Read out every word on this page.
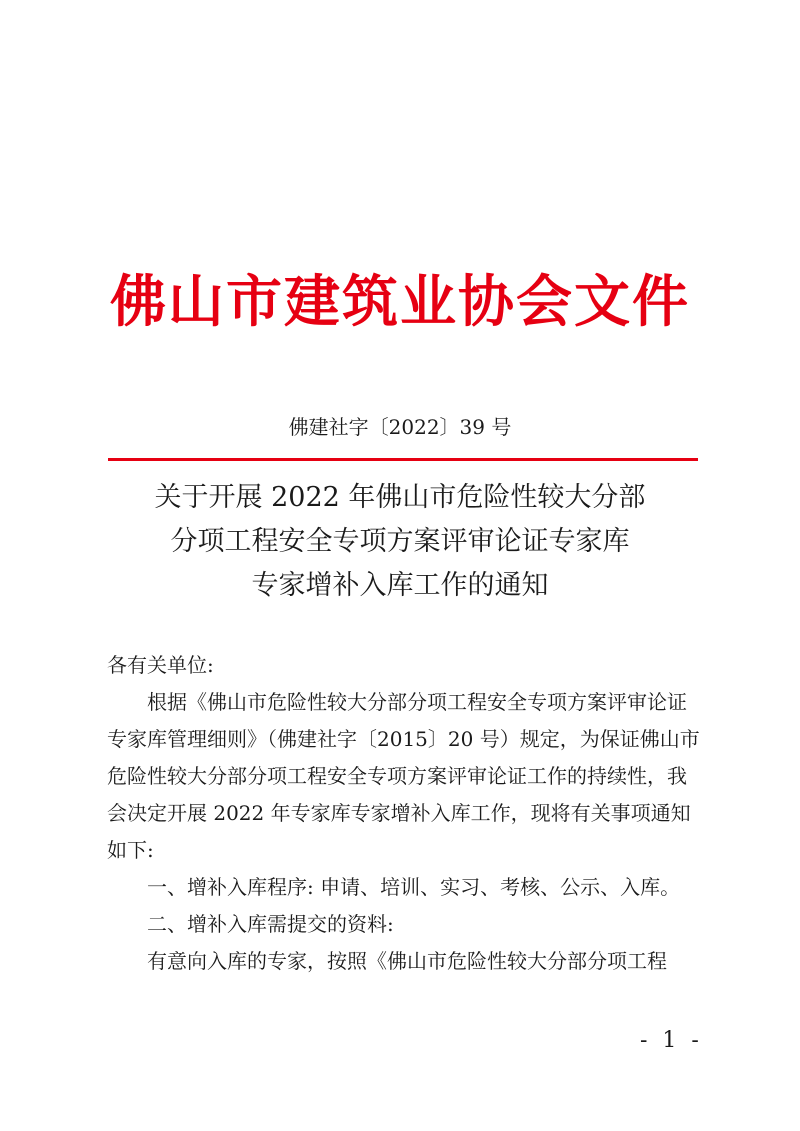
佛山市建筑业协会文件
佛建社字〔2022〕39 号
关于开展 2022 年佛山市危险性较大分部
分项工程安全专项方案评审论证专家库
专家增补入库工作的通知

各有关单位:

根据《佛山市危险性较大分部分项工程安全专项方案评审论证专家库管理细则》（佛建社字〔2015〕20 号）规定，为保证佛山市危险性较大分部分项工程安全专项方案评审论证工作的持续性，我会决定开展 2022 年专家库专家增补入库工作，现将有关事项通知如下:

一、增补入库程序: 申请、培训、实习、考核、公示、入库。

二、增补入库需提交的资料:

有意向入库的专家，按照《佛山市危险性较大分部分项工程

- 1 -
